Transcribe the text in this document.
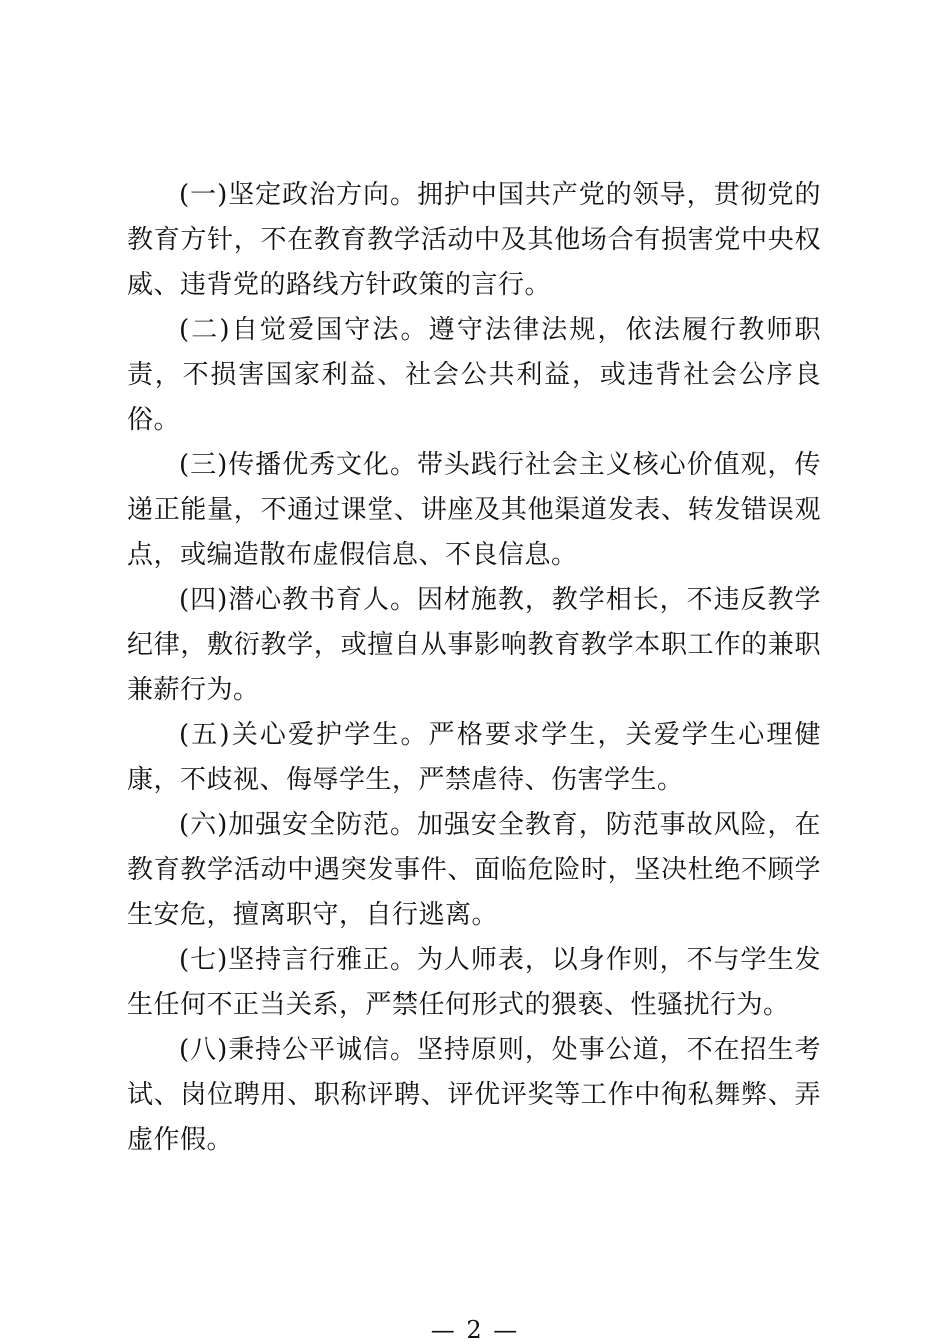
(一)坚定政治方向。拥护中国共产党的领导，贯彻党的教育方针，不在教育教学活动中及其他场合有损害党中央权威、违背党的路线方针政策的言行。

(二)自觉爱国守法。遵守法律法规，依法履行教师职责，不损害国家利益、社会公共利益，或违背社会公序良俗。

(三)传播优秀文化。带头践行社会主义核心价值观，传递正能量，不通过课堂、讲座及其他渠道发表、转发错误观点，或编造散布虚假信息、不良信息。

(四)潜心教书育人。因材施教，教学相长，不违反教学纪律，敷衍教学，或擅自从事影响教育教学本职工作的兼职兼薪行为。

(五)关心爱护学生。严格要求学生，关爱学生心理健康，不歧视、侮辱学生，严禁虐待、伤害学生。

(六)加强安全防范。加强安全教育，防范事故风险，在教育教学活动中遇突发事件、面临危险时，坚决杜绝不顾学生安危，擅离职守，自行逃离。

(七)坚持言行雅正。为人师表，以身作则，不与学生发生任何不正当关系，严禁任何形式的猥亵、性骚扰行为。

(八)秉持公平诚信。坚持原则，处事公道，不在招生考试、岗位聘用、职称评聘、评优评奖等工作中徇私舞弊、弄虚作假。

— 2 —
